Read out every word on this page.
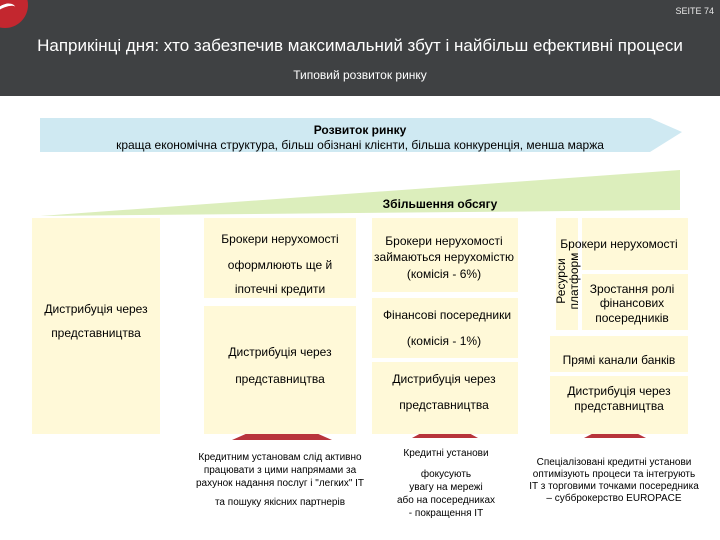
SEITE 74
Наприкінці дня: хто забезпечив максимальний збут і найбільш ефективні процеси
Типовий розвиток ринку
Розвиток ринку
краща економічна структура, більш обізнані клієнти, більша конкуренція, менша маржа
Збільшення обсягу
Дистрибуція через
представництва
Брокери нерухомості
оформлюють ще й
іпотечні кредити
Дистрибуція через
представництва
Брокери нерухомості
займаються нерухомістю
(комісія - 6%)
Фінансові посередники
(комісія - 1%)
Дистрибуція через
представництва
Ресурси
платформ
Брокери нерухомості
Зростання ролі фінансових посередників
Прямі канали банків
Дистрибуція через
представництва
Кредитним установам слід активно
працювати з цими напрямами за
рахунок надання послуг і "легких" IT
та пошуку якісних партнерів
Кредитні установи
фокусують
увагу на мережі
або на посередниках
- покращення IT
Спеціалізовані кредитні установи
оптимізують процеси та інтегрують
IT з торговими точками посередника
– субброкерство EUROPACE
